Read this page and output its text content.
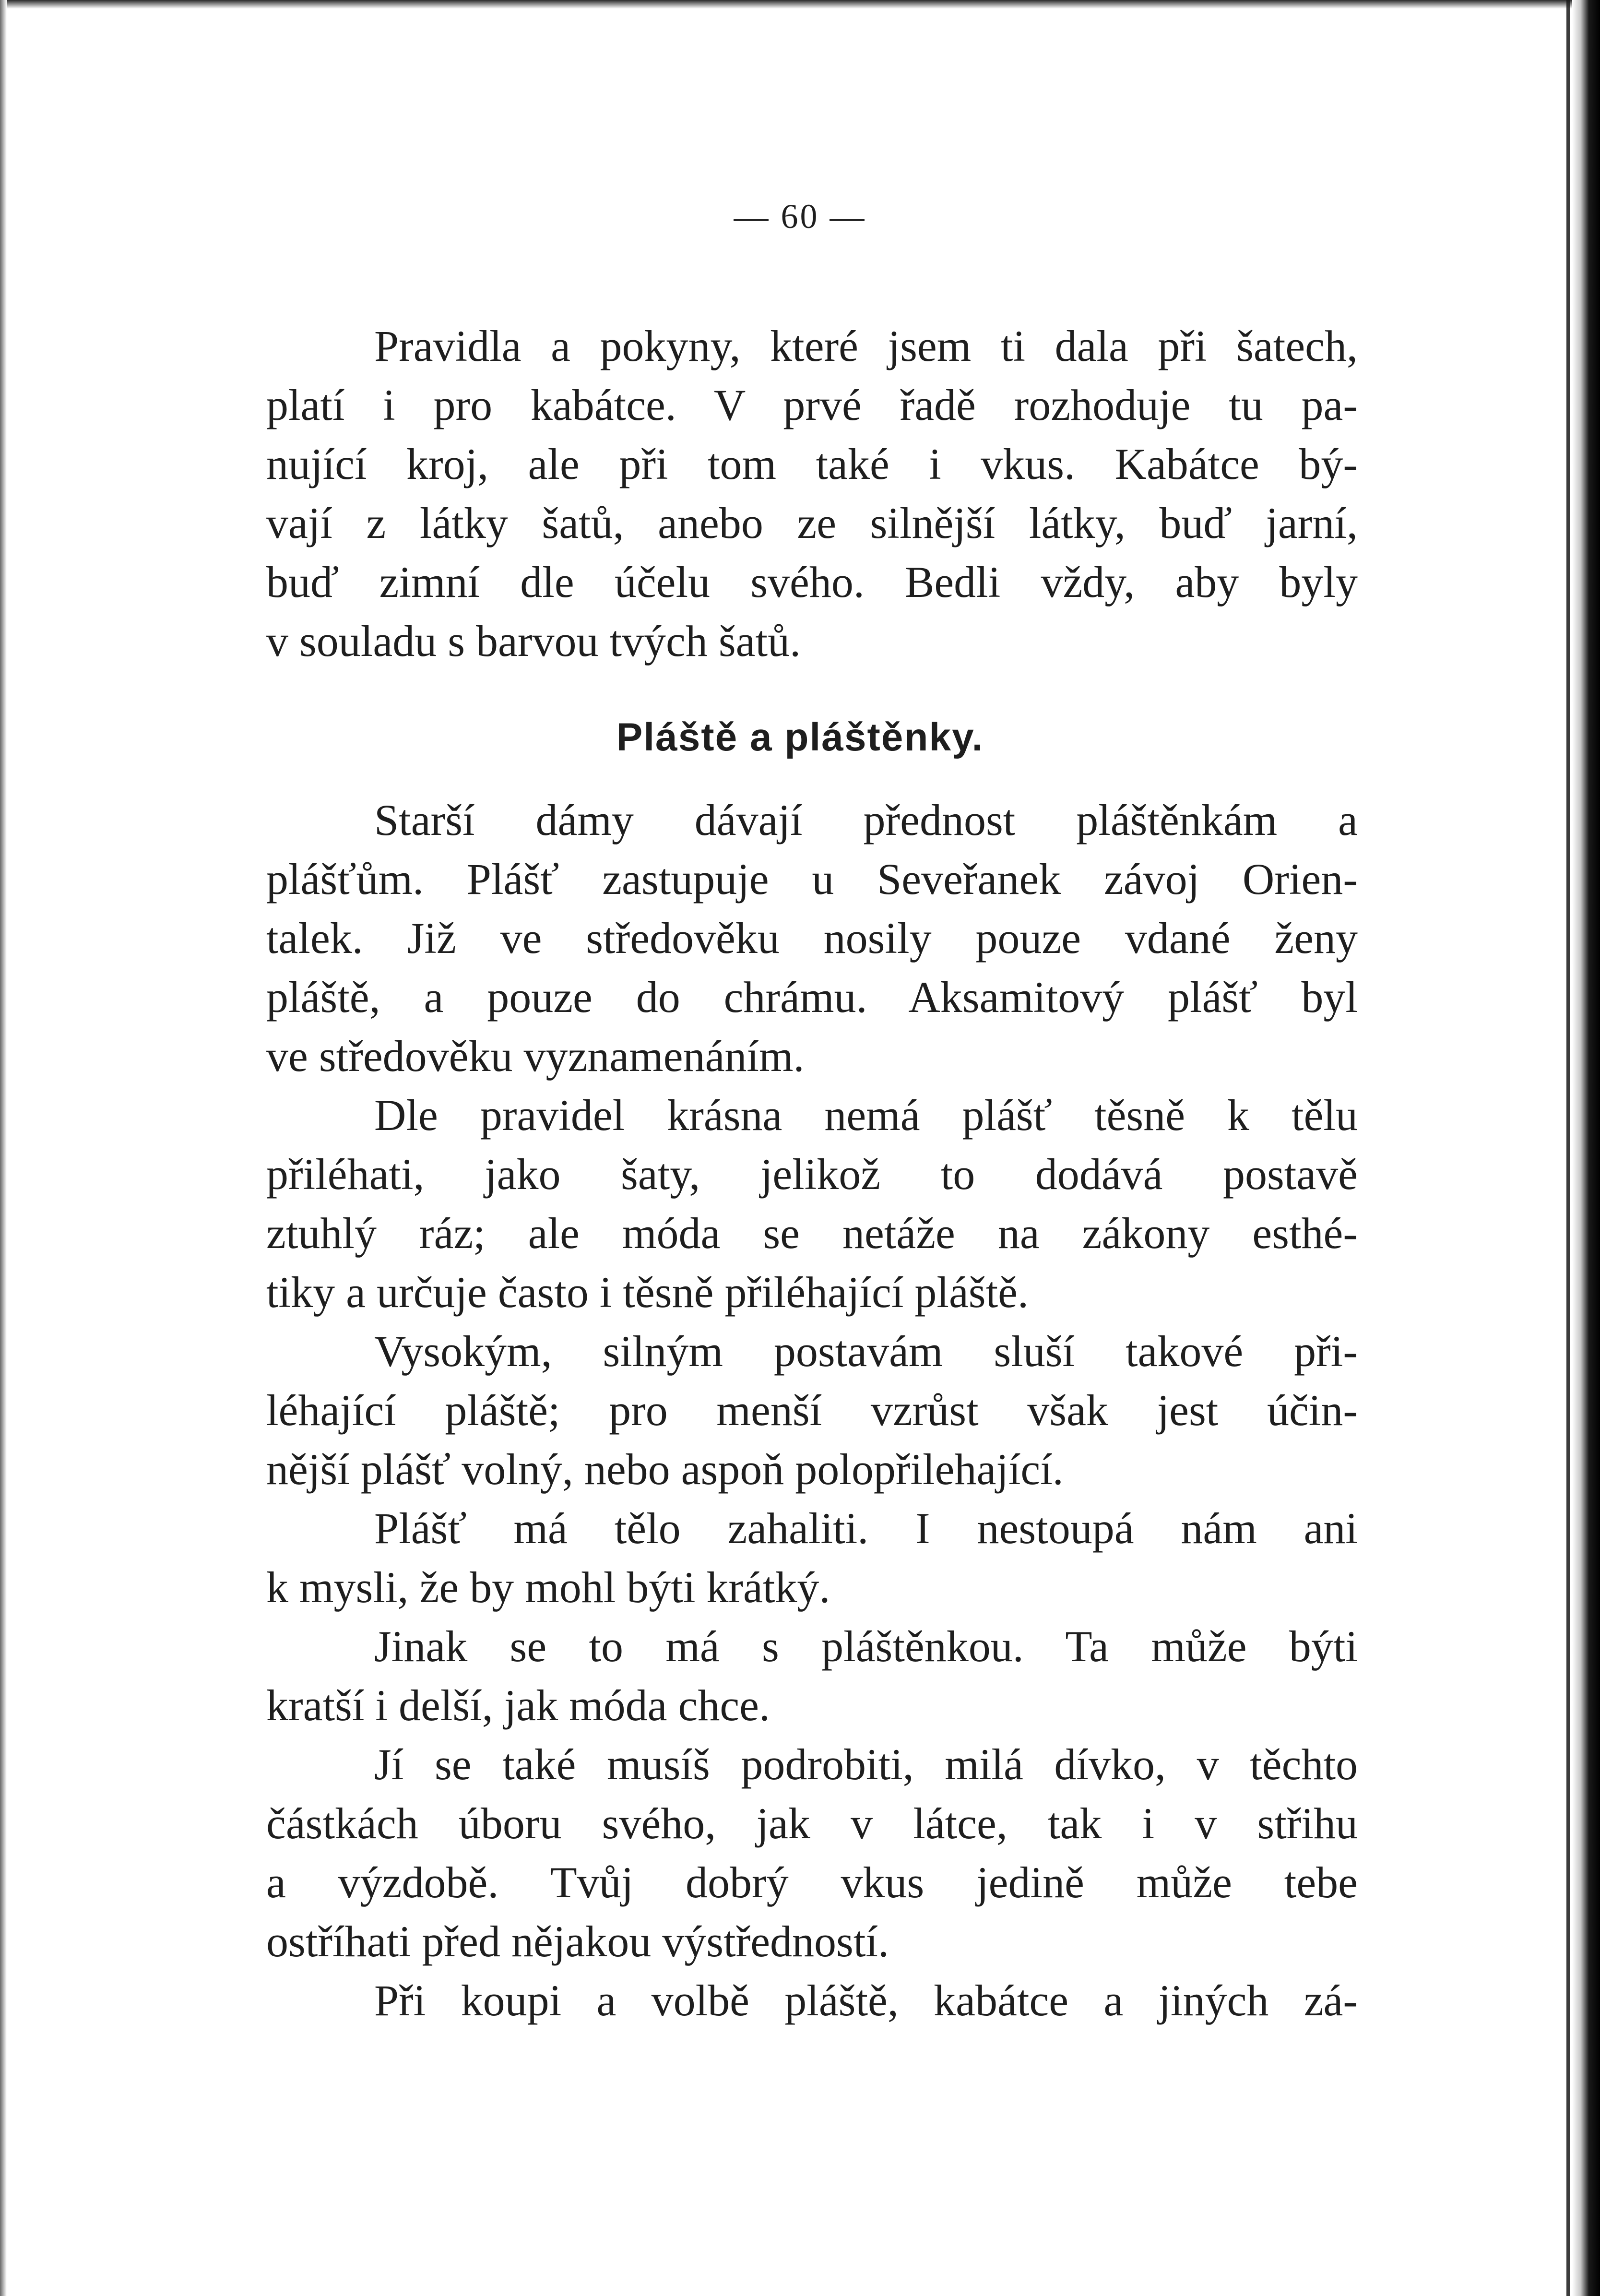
— 60 —
Pravidla a pokyny, které jsem ti dala při šatech,
platí i pro kabátce. V prvé řadě rozhoduje tu pa-
nující kroj, ale při tom také i vkus. Kabátce bý-
vají z látky šatů, anebo ze silnější látky, buď jarní,
buď zimní dle účelu svého. Bedli vždy, aby byly
v souladu s barvou tvých šatů.
Pláště a pláštěnky.
Starší dámy dávají přednost pláštěnkám a
plášťům. Plášť zastupuje u Seveřanek závoj Orien-
talek. Již ve středověku nosily pouze vdané ženy
pláště, a pouze do chrámu. Aksamitový plášť byl
ve středověku vyznamenáním.
Dle pravidel krásna nemá plášť těsně k tělu
přiléhati, jako šaty, jelikož to dodává postavě
ztuhlý ráz; ale móda se netáže na zákony esthé-
tiky a určuje často i těsně přiléhající pláště.
Vysokým, silným postavám sluší takové při-
léhající pláště; pro menší vzrůst však jest účin-
nější plášť volný, nebo aspoň polopřilehající.
Plášť má tělo zahaliti. I nestoupá nám ani
k mysli, že by mohl býti krátký.
Jinak se to má s pláštěnkou. Ta může býti
kratší i delší, jak móda chce.
Jí se také musíš podrobiti, milá dívko, v těchto
částkách úboru svého, jak v látce, tak i v střihu
a výzdobě. Tvůj dobrý vkus jedině může tebe
ostříhati před nějakou výstředností.
Při koupi a volbě pláště, kabátce a jiných zá-
